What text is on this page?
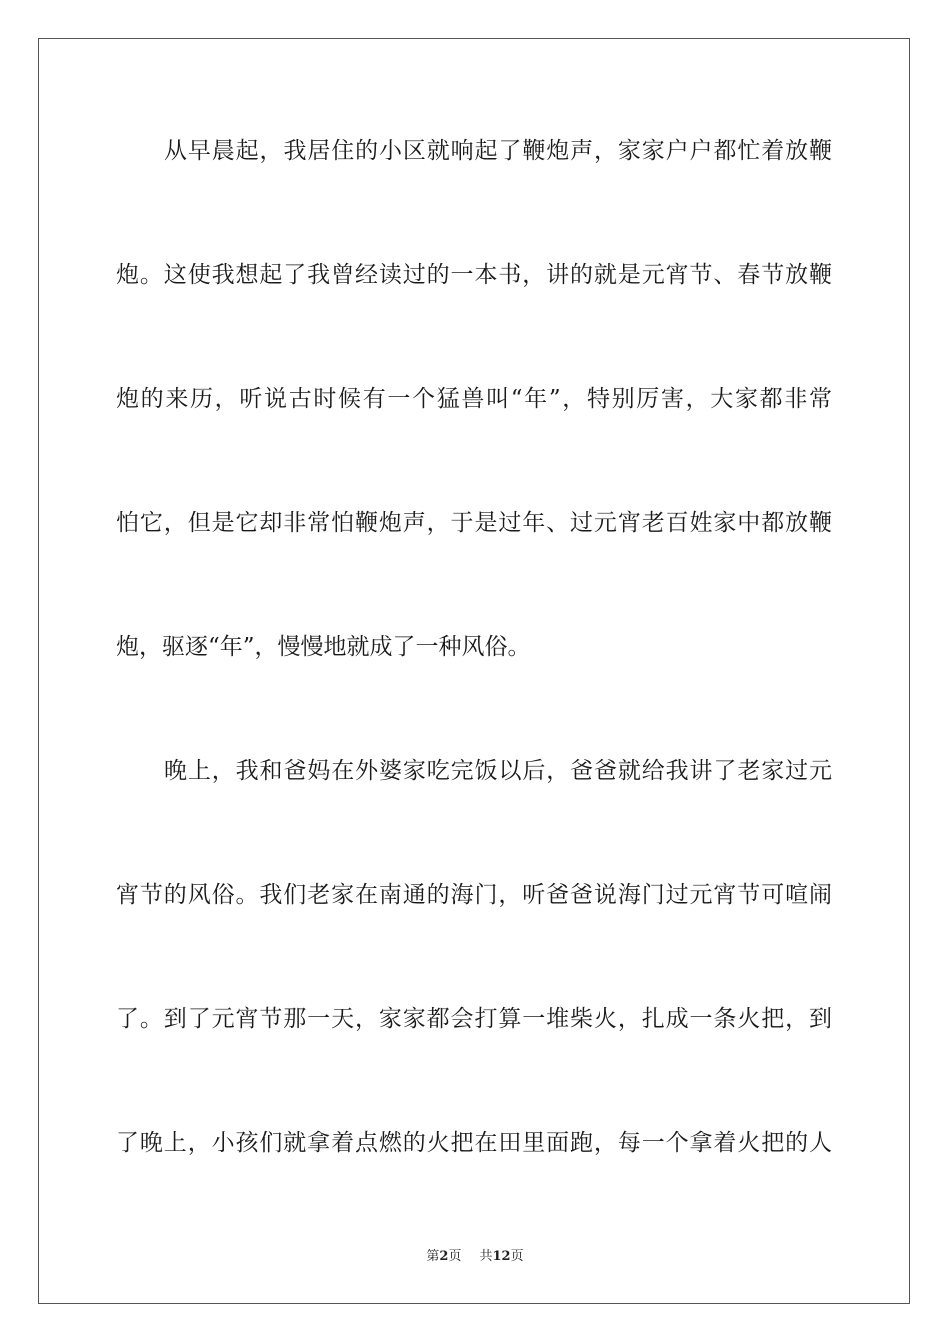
从早晨起，我居住的小区就响起了鞭炮声，家家户户都忙着放鞭
炮。这使我想起了我曾经读过的一本书，讲的就是元宵节、春节放鞭
炮的来历，听说古时候有一个猛兽叫“年”，特别厉害，大家都非常
怕它，但是它却非常怕鞭炮声，于是过年、过元宵老百姓家中都放鞭
炮，驱逐“年”，慢慢地就成了一种风俗。
晚上，我和爸妈在外婆家吃完饭以后，爸爸就给我讲了老家过元
宵节的风俗。我们老家在南通的海门，听爸爸说海门过元宵节可喧闹
了。到了元宵节那一天，家家都会打算一堆柴火，扎成一条火把，到
了晚上，小孩们就拿着点燃的火把在田里面跑，每一个拿着火把的人
第2页 共12页
